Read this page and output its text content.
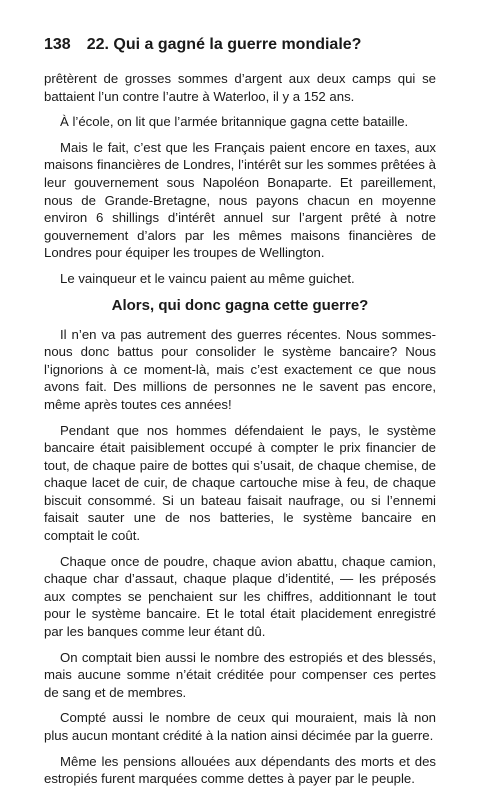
138 22. Qui a gagné la guerre mondiale?

prêtèrent de grosses sommes d’argent aux deux camps qui se battaient l’un contre l’autre à Waterloo, il y a 152 ans.

À l’école, on lit que l’armée britannique gagna cette bataille.

Mais le fait, c’est que les Français paient encore en taxes, aux maisons financières de Londres, l’intérêt sur les sommes prêtées à leur gouvernement sous Napoléon Bonaparte. Et pareillement, nous de Grande-Bretagne, nous payons chacun en moyenne environ 6 shillings d’intérêt annuel sur l’argent prêté à notre gouvernement d’alors par les mêmes maisons financières de Londres pour équiper les troupes de Wellington.

Le vainqueur et le vaincu paient au même guichet.

Alors, qui donc gagna cette guerre?

Il n’en va pas autrement des guerres récentes. Nous sommes-nous donc battus pour consolider le système bancaire? Nous l’ignorions à ce moment-là, mais c’est exactement ce que nous avons fait. Des millions de personnes ne le savent pas encore, même après toutes ces années!

Pendant que nos hommes défendaient le pays, le système bancaire était paisiblement occupé à compter le prix financier de tout, de chaque paire de bottes qui s’usait, de chaque chemise, de chaque lacet de cuir, de chaque cartouche mise à feu, de chaque biscuit consommé. Si un bateau faisait naufrage, ou si l’ennemi faisait sauter une de nos batteries, le système bancaire en comptait le coût.

Chaque once de poudre, chaque avion abattu, chaque camion, chaque char d’assaut, chaque plaque d’identité, — les préposés aux comptes se penchaient sur les chiffres, additionnant le tout pour le système bancaire. Et le total était placidement enregistré par les banques comme leur étant dû.

On comptait bien aussi le nombre des estropiés et des blessés, mais aucune somme n’était créditée pour compenser ces pertes de sang et de membres.

Compté aussi le nombre de ceux qui mouraient, mais là non plus aucun montant crédité à la nation ainsi décimée par la guerre.

Même les pensions allouées aux dépendants des morts et des estropiés furent marquées comme dettes à payer par le peuple.
